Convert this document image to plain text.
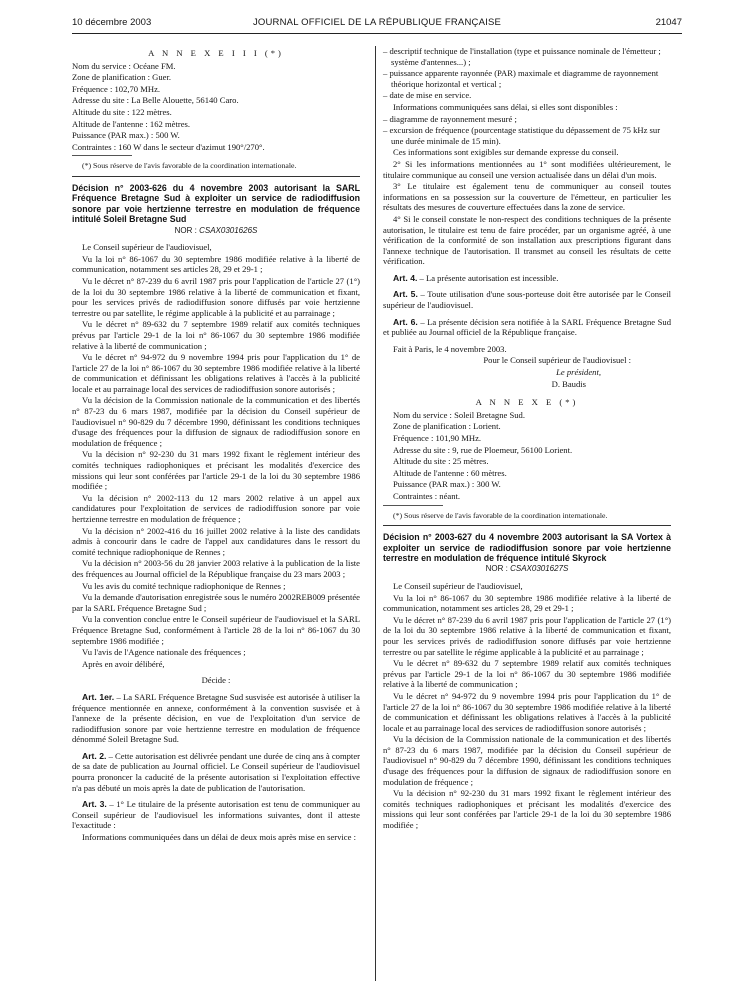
10 décembre 2003	JOURNAL OFFICIEL DE LA RÉPUBLIQUE FRANÇAISE	21047
A N N E X E I I I (*)

Nom du service : Océane FM.

Zone de planification : Guer.

Fréquence : 102,70 MHz.

Adresse du site : La Belle Alouette, 56140 Caro.

Altitude du site : 122 mètres.

Altitude de l'antenne : 162 mètres.

Puissance (PAR max.) : 500 W.

Contraintes : 160 W dans le secteur d'azimut 190°/270°.

(*) Sous réserve de l'avis favorable de la coordination internationale.

Décision n° 2003-626 du 4 novembre 2003 autorisant la SARL Fréquence Bretagne Sud à exploiter un service de radiodiffusion sonore par voie hertzienne terrestre en modulation de fréquence intitulé Soleil Bretagne Sud
NOR : CSAX0301626S

Le Conseil supérieur de l'audiovisuel,

Vu la loi n° 86-1067 du 30 septembre 1986 modifiée relative à la liberté de communication, notamment ses articles 28, 29 et 29-1 ;

Vu le décret n° 87-239 du 6 avril 1987 pris pour l'application de l'article 27 (1°) de la loi du 30 septembre 1986 relative à la liberté de communication et fixant, pour les services privés de radiodiffusion sonore diffusés par voie hertzienne terrestre ou par satellite, le régime applicable à la publicité et au parrainage ;

Vu le décret n° 89-632 du 7 septembre 1989 relatif aux comités techniques prévus par l'article 29-1 de la loi n° 86-1067 du 30 septembre 1986 modifiée relative à la liberté de communication ;

Vu le décret n° 94-972 du 9 novembre 1994 pris pour l'application du 1° de l'article 27 de la loi n° 86-1067 du 30 septembre 1986 modifiée relative à la liberté de communication et définissant les obligations relatives à l'accès à la publicité locale et au parrainage local des services de radiodiffusion sonore autorisés ;

Vu la décision de la Commission nationale de la communication et des libertés n° 87-23 du 6 mars 1987, modifiée par la décision du Conseil supérieur de l'audiovisuel n° 90-829 du 7 décembre 1990, définissant les conditions techniques d'usage des fréquences pour la diffusion de signaux de radiodiffusion sonore en modulation de fréquence ;

Vu la décision n° 92-230 du 31 mars 1992 fixant le règlement intérieur des comités techniques radiophoniques et précisant les modalités d'exercice des missions qui leur sont conférées par l'article 29-1 de la loi du 30 septembre 1986 modifiée ;

Vu la décision n° 2002-113 du 12 mars 2002 relative à un appel aux candidatures pour l'exploitation de services de radiodiffusion sonore par voie hertzienne terrestre en modulation de fréquence ;

Vu la décision n° 2002-416 du 16 juillet 2002 relative à la liste des candidats admis à concourir dans le cadre de l'appel aux candidatures dans le ressort du comité technique radiophonique de Rennes ;

Vu la décision n° 2003-56 du 28 janvier 2003 relative à la publication de la liste des fréquences au Journal officiel de la République française du 23 mars 2003 ;

Vu les avis du comité technique radiophonique de Rennes ;

Vu la demande d'autorisation enregistrée sous le numéro 2002REB009 présentée par la SARL Fréquence Bretagne Sud ;

Vu la convention conclue entre le Conseil supérieur de l'audiovisuel et la SARL Fréquence Bretagne Sud, conformément à l'article 28 de la loi n° 86-1067 du 30 septembre 1986 modifiée ;

Vu l'avis de l'Agence nationale des fréquences ;

Après en avoir délibéré,

Décide :

Art. 1er. – La SARL Fréquence Bretagne Sud susvisée est autorisée à utiliser la fréquence mentionnée en annexe, conformément à la convention susvisée et à l'annexe de la présente décision, en vue de l'exploitation d'un service de radiodiffusion sonore par voie hertzienne terrestre en modulation de fréquence dénommé Soleil Bretagne Sud.

Art. 2. – Cette autorisation est délivrée pendant une durée de cinq ans à compter de sa date de publication au Journal officiel. Le Conseil supérieur de l'audiovisuel pourra prononcer la caducité de la présente autorisation si l'exploitation effective n'a pas débuté un mois après la date de publication de l'autorisation.

Art. 3. – 1° Le titulaire de la présente autorisation est tenu de communiquer au Conseil supérieur de l'audiovisuel les informations suivantes, dont il atteste l'exactitude :

Informations communiquées dans un délai de deux mois après mise en service :

– descriptif technique de l'installation (type et puissance nominale de l'émetteur ; système d'antennes...) ;

– puissance apparente rayonnée (PAR) maximale et diagramme de rayonnement théorique horizontal et vertical ;

– date de mise en service.

Informations communiquées sans délai, si elles sont disponibles :

– diagramme de rayonnement mesuré ;

– excursion de fréquence (pourcentage statistique du dépassement de 75 kHz sur une durée minimale de 15 min).

Ces informations sont exigibles sur demande expresse du conseil.

2° Si les informations mentionnées au 1° sont modifiées ultérieurement, le titulaire communique au conseil une version actualisée dans un délai d'un mois.

3° Le titulaire est également tenu de communiquer au conseil toutes informations en sa possession sur la couverture de l'émetteur, en particulier les résultats des mesures de couverture effectuées dans la zone de service.

4° Si le conseil constate le non-respect des conditions techniques de la présente autorisation, le titulaire est tenu de faire procéder, par un organisme agréé, à une vérification de la conformité de son installation aux prescriptions figurant dans l'annexe technique de l'autorisation. Il transmet au conseil les résultats de cette vérification.

Art. 4. – La présente autorisation est incessible.

Art. 5. – Toute utilisation d'une sous-porteuse doit être autorisée par le Conseil supérieur de l'audiovisuel.

Art. 6. – La présente décision sera notifiée à la SARL Fréquence Bretagne Sud et publiée au Journal officiel de la République française.

Fait à Paris, le 4 novembre 2003.

Pour le Conseil supérieur de l'audiovisuel :

Le président,

D. Baudis

A N N E X E (*)

Nom du service : Soleil Bretagne Sud.

Zone de planification : Lorient.

Fréquence : 101,90 MHz.

Adresse du site : 9, rue de Ploemeur, 56100 Lorient.

Altitude du site : 25 mètres.

Altitude de l'antenne : 60 mètres.

Puissance (PAR max.) : 300 W.

Contraintes : néant.

(*) Sous réserve de l'avis favorable de la coordination internationale.

Décision n° 2003-627 du 4 novembre 2003 autorisant la SA Vortex à exploiter un service de radiodiffusion sonore par voie hertzienne terrestre en modulation de fréquence intitulé Skyrock
NOR : CSAX0301627S

Le Conseil supérieur de l'audiovisuel,

Vu la loi n° 86-1067 du 30 septembre 1986 modifiée relative à la liberté de communication, notamment ses articles 28, 29 et 29-1 ;

Vu le décret n° 87-239 du 6 avril 1987 pris pour l'application de l'article 27 (1°) de la loi du 30 septembre 1986 relative à la liberté de communication et fixant, pour les services privés de radiodiffusion sonore diffusés par voie hertzienne terrestre ou par satellite le régime applicable à la publicité et au parrainage ;

Vu le décret n° 89-632 du 7 septembre 1989 relatif aux comités techniques prévus par l'article 29-1 de la loi n° 86-1067 du 30 septembre 1986 modifiée relative à la liberté de communication ;

Vu le décret n° 94-972 du 9 novembre 1994 pris pour l'application du 1° de l'article 27 de la loi n° 86-1067 du 30 septembre 1986 modifiée relative à la liberté de communication et définissant les obligations relatives à l'accès à la publicité locale et au parrainage local des services de radiodiffusion sonore autorisés ;

Vu la décision de la Commission nationale de la communication et des libertés n° 87-23 du 6 mars 1987, modifiée par la décision du Conseil supérieur de l'audiovisuel n° 90-829 du 7 décembre 1990, définissant les conditions techniques d'usage des fréquences pour la diffusion de signaux de radiodiffusion sonore en modulation de fréquence ;

Vu la décision n° 92-230 du 31 mars 1992 fixant le règlement intérieur des comités techniques radiophoniques et précisant les modalités d'exercice des missions qui leur sont conférées par l'article 29-1 de la loi du 30 septembre 1986 modifiée ;
